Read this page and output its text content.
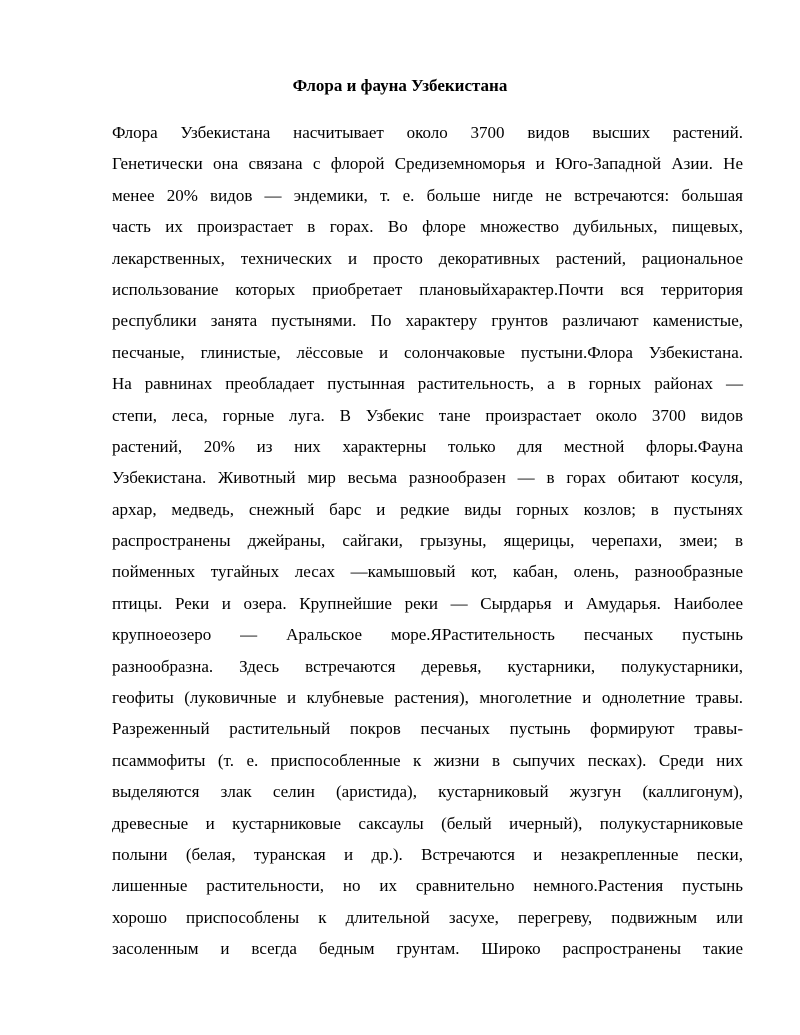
Флора и фауна Узбекистана
Флора Узбекистана насчитывает около 3700 видов высших растений.
Генетически она связана с флорой Средиземноморья и Юго-Западной Азии. Не
менее 20% видов — эндемики, т. е. больше нигде не встречаются: большая
часть их произрастает в горах. Во флоре множество дубильных, пищевых,
лекарственных, технических и просто декоративных растений, рациональное
использование которых приобретает плановыйхарактер.Почти вся территория
республики занята пустынями. По характеру грунтов различают каменистые,
песчаные, глинистые, лёссовые и солончаковые пустыни.Флора Узбекистана.
На равнинах преобладает пустынная растительность, а в горных районах —
степи, леса, горные луга. В Узбекис тане произрастает около 3700 видов
растений, 20% из них характерны только для местной флоры.Фауна
Узбекистана. Животный мир весьма разнообразен — в горах обитают косуля,
архар, медведь, снежный барс и редкие виды горных козлов; в пустынях
распространены джейраны, сайгаки, грызуны, ящерицы, черепахи, змеи; в
пойменных тугайных лесах —камышовый кот, кабан, олень, разнообразные
птицы. Реки и озера. Крупнейшие реки — Сырдарья и Амударья. Наиболее
крупноеозеро — Аральское море.ЯРастительность песчаных пустынь
разнообразна. Здесь встречаются деревья, кустарники, полукустарники,
геофиты (луковичные и клубневые растения), многолетние и однолетние травы.
Разреженный растительный покров песчаных пустынь формируют травы-
псаммофиты (т. е. приспособленные к жизни в сыпучих песках). Среди них
выделяются злак селин (аристида), кустарниковый жузгун (каллигонум),
древесные и кустарниковые саксаулы (белый ичерный), полукустарниковые
полыни (белая, туранская и др.). Встречаются и незакрепленные пески,
лишенные растительности, но их сравнительно немного.Растения пустынь
хорошо приспособлены к длительной засухе, перегреву, подвижным или
засоленным и всегда бедным грунтам. Широко распространены такие
